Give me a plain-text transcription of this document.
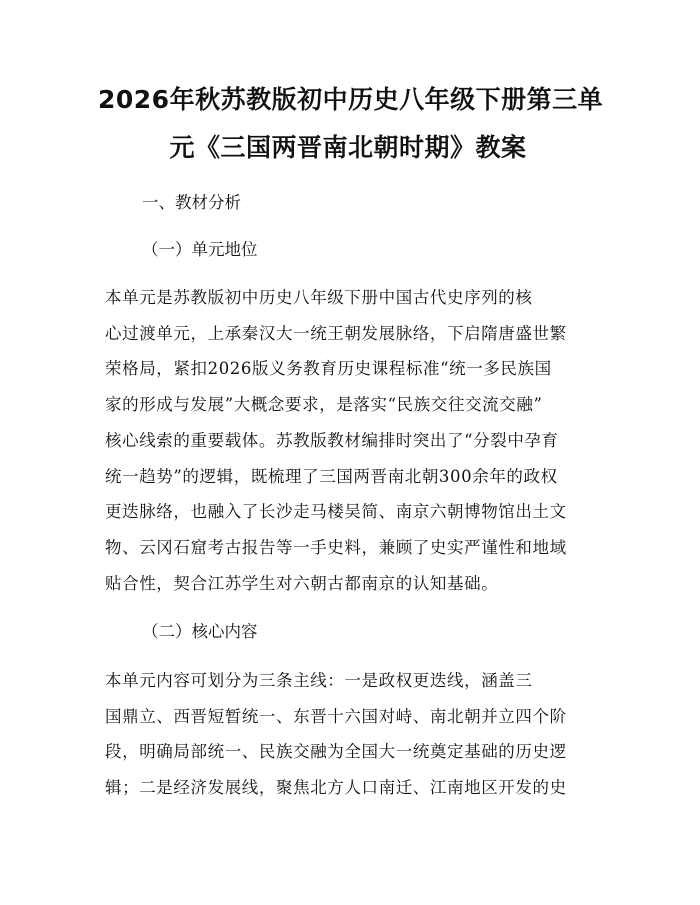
2026年秋苏教版初中历史八年级下册第三单
元《三国两晋南北朝时期》教案
一、教材分析
（一）单元地位

本单元是苏教版初中历史八年级下册中国古代史序列的核
心过渡单元，上承秦汉大一统王朝发展脉络，下启隋唐盛世繁
荣格局，紧扣2026版义务教育历史课程标准“统一多民族国
家的形成与发展”大概念要求，是落实“民族交往交流交融”
核心线索的重要载体。苏教版教材编排时突出了“分裂中孕育
统一趋势”的逻辑，既梳理了三国两晋南北朝300余年的政权
更迭脉络，也融入了长沙走马楼吴简、南京六朝博物馆出土文
物、云冈石窟考古报告等一手史料，兼顾了史实严谨性和地域
贴合性，契合江苏学生对六朝古都南京的认知基础。

（二）核心内容

本单元内容可划分为三条主线：一是政权更迭线，涵盖三
国鼎立、西晋短暂统一、东晋十六国对峙、南北朝并立四个阶
段，明确局部统一、民族交融为全国大一统奠定基础的历史逻
辑；二是经济发展线，聚焦北方人口南迁、江南地区开发的史
